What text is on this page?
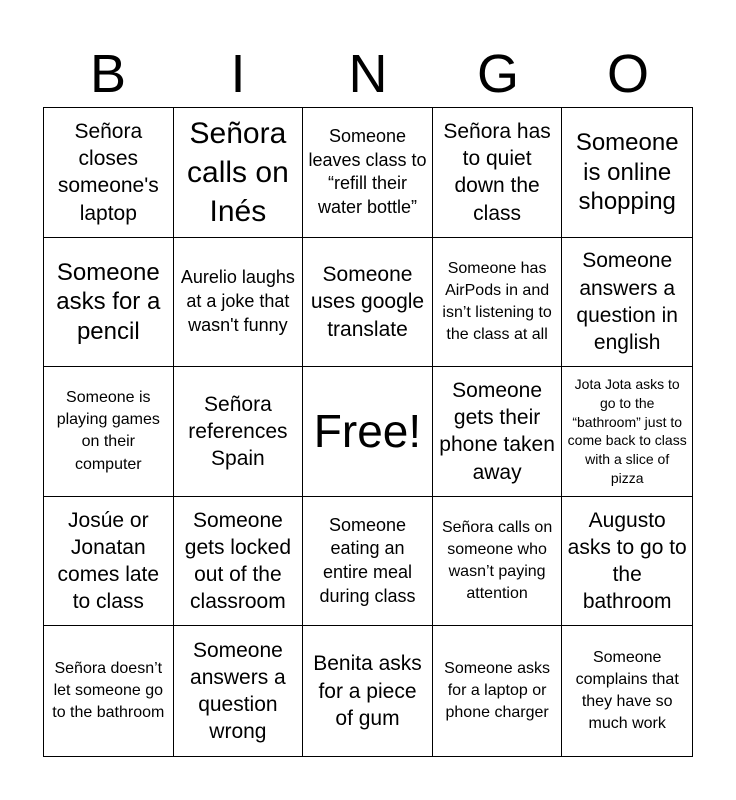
B	I	N	G	O
Señora closes someone's laptop
Señora calls on Inés
Someone leaves class to “refill their water bottle”
Señora has to quiet down the class
Someone is online shopping
Someone asks for a pencil
Aurelio laughs at a joke that wasn't funny
Someone uses google translate
Someone has AirPods in and isn’t listening to the class at all
Someone answers a question in english
Someone is playing games on their computer
Señora references Spain
Free!
Someone gets their phone taken away
Jota Jota asks to go to the “bathroom” just to come back to class with a slice of pizza
Josúe or Jonatan comes late to class
Someone gets locked out of the classroom
Someone eating an entire meal during class
Señora calls on someone who wasn’t paying attention
Augusto asks to go to the bathroom
Señora doesn’t let someone go to the bathroom
Someone answers a question wrong
Benita asks for a piece of gum
Someone asks for a laptop or phone charger
Someone complains that they have so much work
